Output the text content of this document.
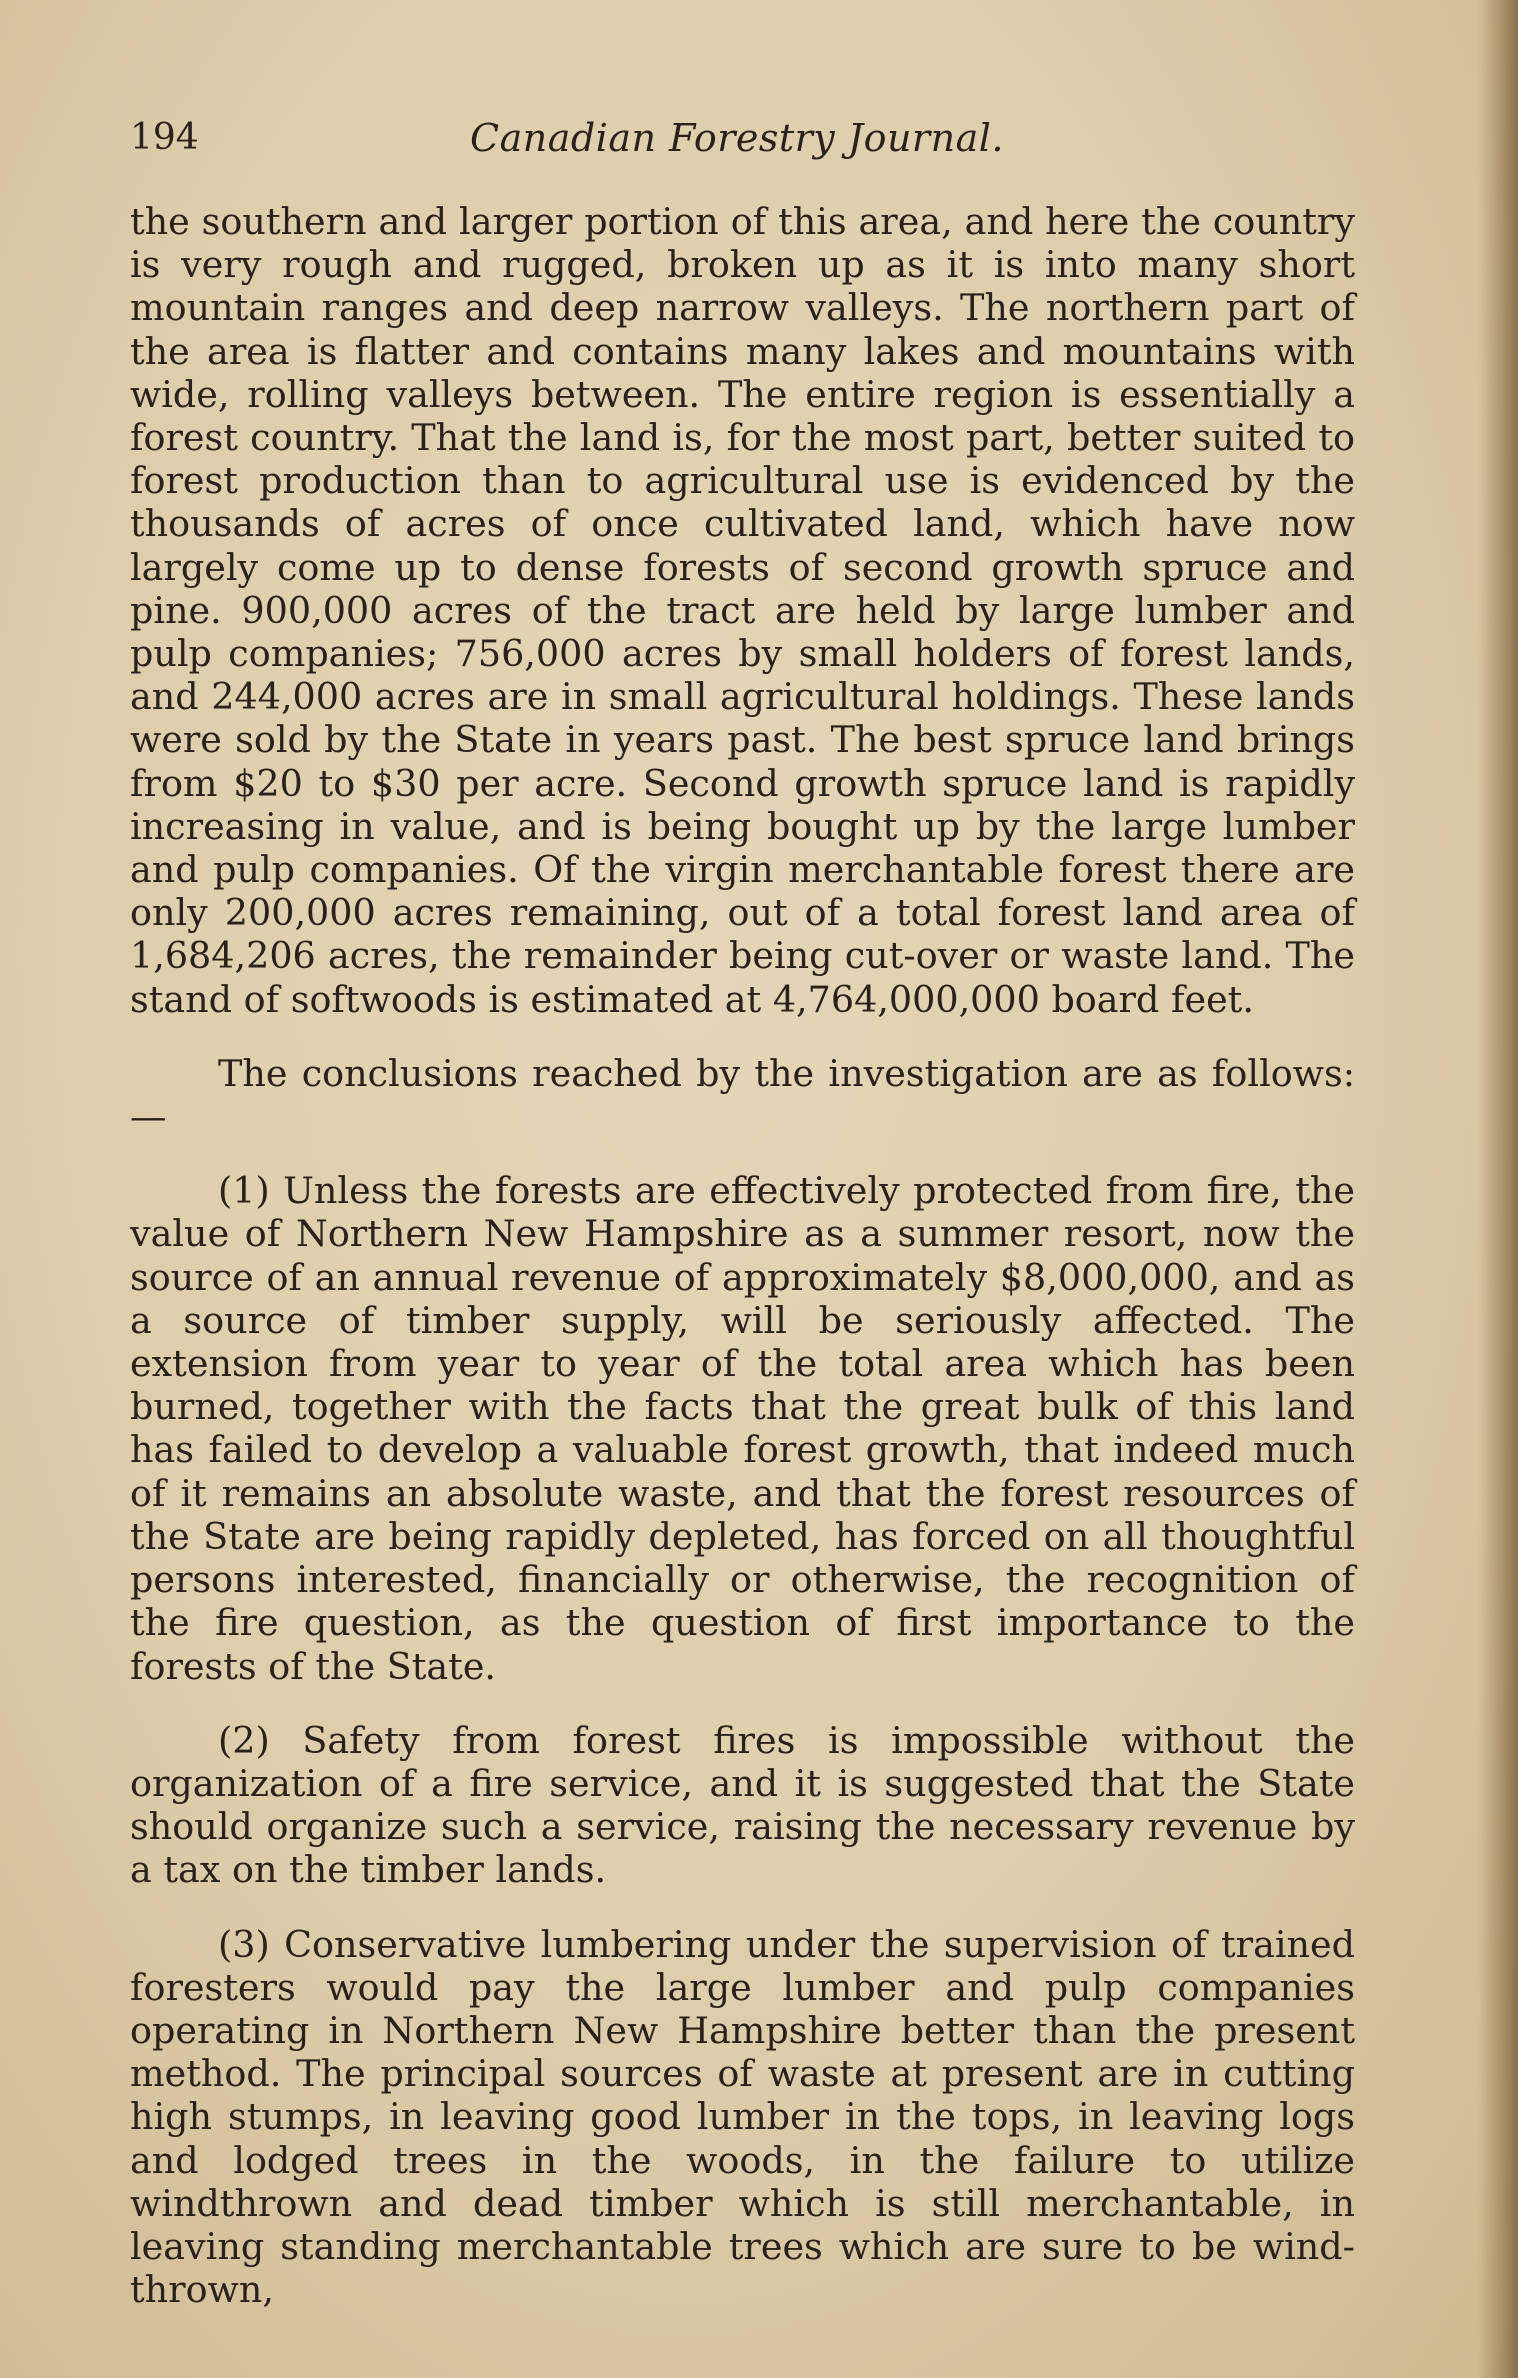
194	Canadian Forestry Journal.

the southern and larger portion of this area, and here the country is very rough and rugged, broken up as it is into many short mountain ranges and deep narrow valleys. The northern part of the area is flatter and contains many lakes and mountains with wide, rolling valleys between. The entire region is essentially a forest country. That the land is, for the most part, better suited to forest production than to agricultural use is evidenced by the thousands of acres of once cultivated land, which have now largely come up to dense forests of second growth spruce and pine. 900,000 acres of the tract are held by large lumber and pulp companies; 756,000 acres by small holders of forest lands, and 244,000 acres are in small agricultural holdings. These lands were sold by the State in years past. The best spruce land brings from $20 to $30 per acre. Second growth spruce land is rapidly increasing in value, and is being bought up by the large lumber and pulp companies. Of the virgin merchantable forest there are only 200,000 acres remaining, out of a total forest land area of 1,684,206 acres, the remainder being cut-over or waste land. The stand of softwoods is estimated at 4,764,000,000 board feet.

The conclusions reached by the investigation are as follows:—

(1) Unless the forests are effectively protected from fire, the value of Northern New Hampshire as a summer resort, now the source of an annual revenue of approximately $8,000,000, and as a source of timber supply, will be seriously affected. The extension from year to year of the total area which has been burned, together with the facts that the great bulk of this land has failed to develop a valuable forest growth, that indeed much of it remains an absolute waste, and that the forest resources of the State are being rapidly depleted, has forced on all thoughtful persons interested, financially or otherwise, the recognition of the fire question, as the question of first importance to the forests of the State.

(2) Safety from forest fires is impossible without the organization of a fire service, and it is suggested that the State should organize such a service, raising the necessary revenue by a tax on the timber lands.

(3) Conservative lumbering under the supervision of trained foresters would pay the large lumber and pulp companies operating in Northern New Hampshire better than the present method. The principal sources of waste at present are in cutting high stumps, in leaving good lumber in the tops, in leaving logs and lodged trees in the woods, in the failure to utilize windthrown and dead timber which is still merchantable, in leaving standing merchantable trees which are sure to be wind-thrown,
